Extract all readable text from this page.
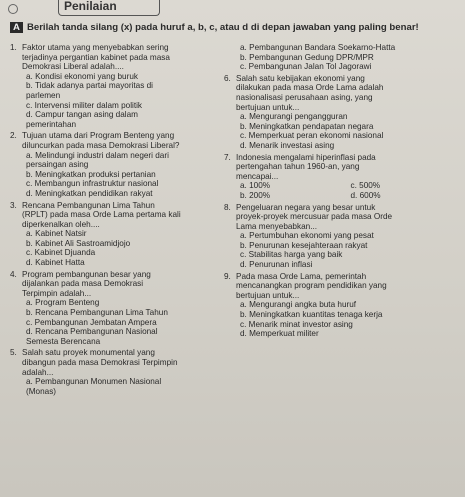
Penilaian
A Berilah tanda silang (x) pada huruf a, b, c, atau d di depan jawaban yang paling benar!
1. Faktor utama yang menyebabkan sering
terjadinya pergantian kabinet pada masa
Demokrasi Liberal adalah....
a. Kondisi ekonomi yang buruk
b. Tidak adanya partai mayoritas di
parlemen
c. Intervensi militer dalam politik
d. Campur tangan asing dalam
pemerintahan
2. Tujuan utama dari Program Benteng yang
diluncurkan pada masa Demokrasi Liberal?
a. Melindungi industri dalam negeri dari
persaingan asing
b. Meningkatkan produksi pertanian
c. Membangun infrastruktur nasional
d. Meningkatkan pendidikan rakyat
3. Rencana Pembangunan Lima Tahun
(RPLT) pada masa Orde Lama pertama kali
diperkenalkan oleh....
a. Kabinet Natsir
b. Kabinet Ali Sastroamidjojo
c. Kabinet Djuanda
d. Kabinet Hatta
4. Program pembangunan besar yang
dijalankan pada masa Demokrasi
Terpimpin adalah...
a. Program Benteng
b. Rencana Pembangunan Lima Tahun
c. Pembangunan Jembatan Ampera
d. Rencana Pembangunan Nasional
Semesta Berencana
5. Salah satu proyek monumental yang
dibangun pada masa Demokrasi Terpimpin
adalah...
a. Pembangunan Monumen Nasional
(Monas)
a. Pembangunan Bandara Soekarno-Hatta
b. Pembangunan Gedung DPR/MPR
c. Pembangunan Jalan Tol Jagorawi
6. Salah satu kebijakan ekonomi yang
dilakukan pada masa Orde Lama adalah
nasionalisasi perusahaan asing, yang
bertujuan untuk...
a. Mengurangi pengangguran
b. Meningkatkan pendapatan negara
c. Memperkuat peran ekonomi nasional
d. Menarik investasi asing
7. Indonesia mengalami hiperinflasi pada
pertengahan tahun 1960-an, yang
mencapai...
a. 100%	c. 500%
b. 200%	d. 600%
8. Pengeluaran negara yang besar untuk
proyek-proyek mercusuar pada masa Orde
Lama menyebabkan...
a. Pertumbuhan ekonomi yang pesat
b. Penurunan kesejahteraan rakyat
c. Stabilitas harga yang baik
d. Penurunan inflasi
9. Pada masa Orde Lama, pemerintah
mencanangkan program pendidikan yang
bertujuan untuk...
a. Mengurangi angka buta huruf
b. Meningkatkan kuantitas tenaga kerja
c. Menarik minat investor asing
d. Memperkuat militer
